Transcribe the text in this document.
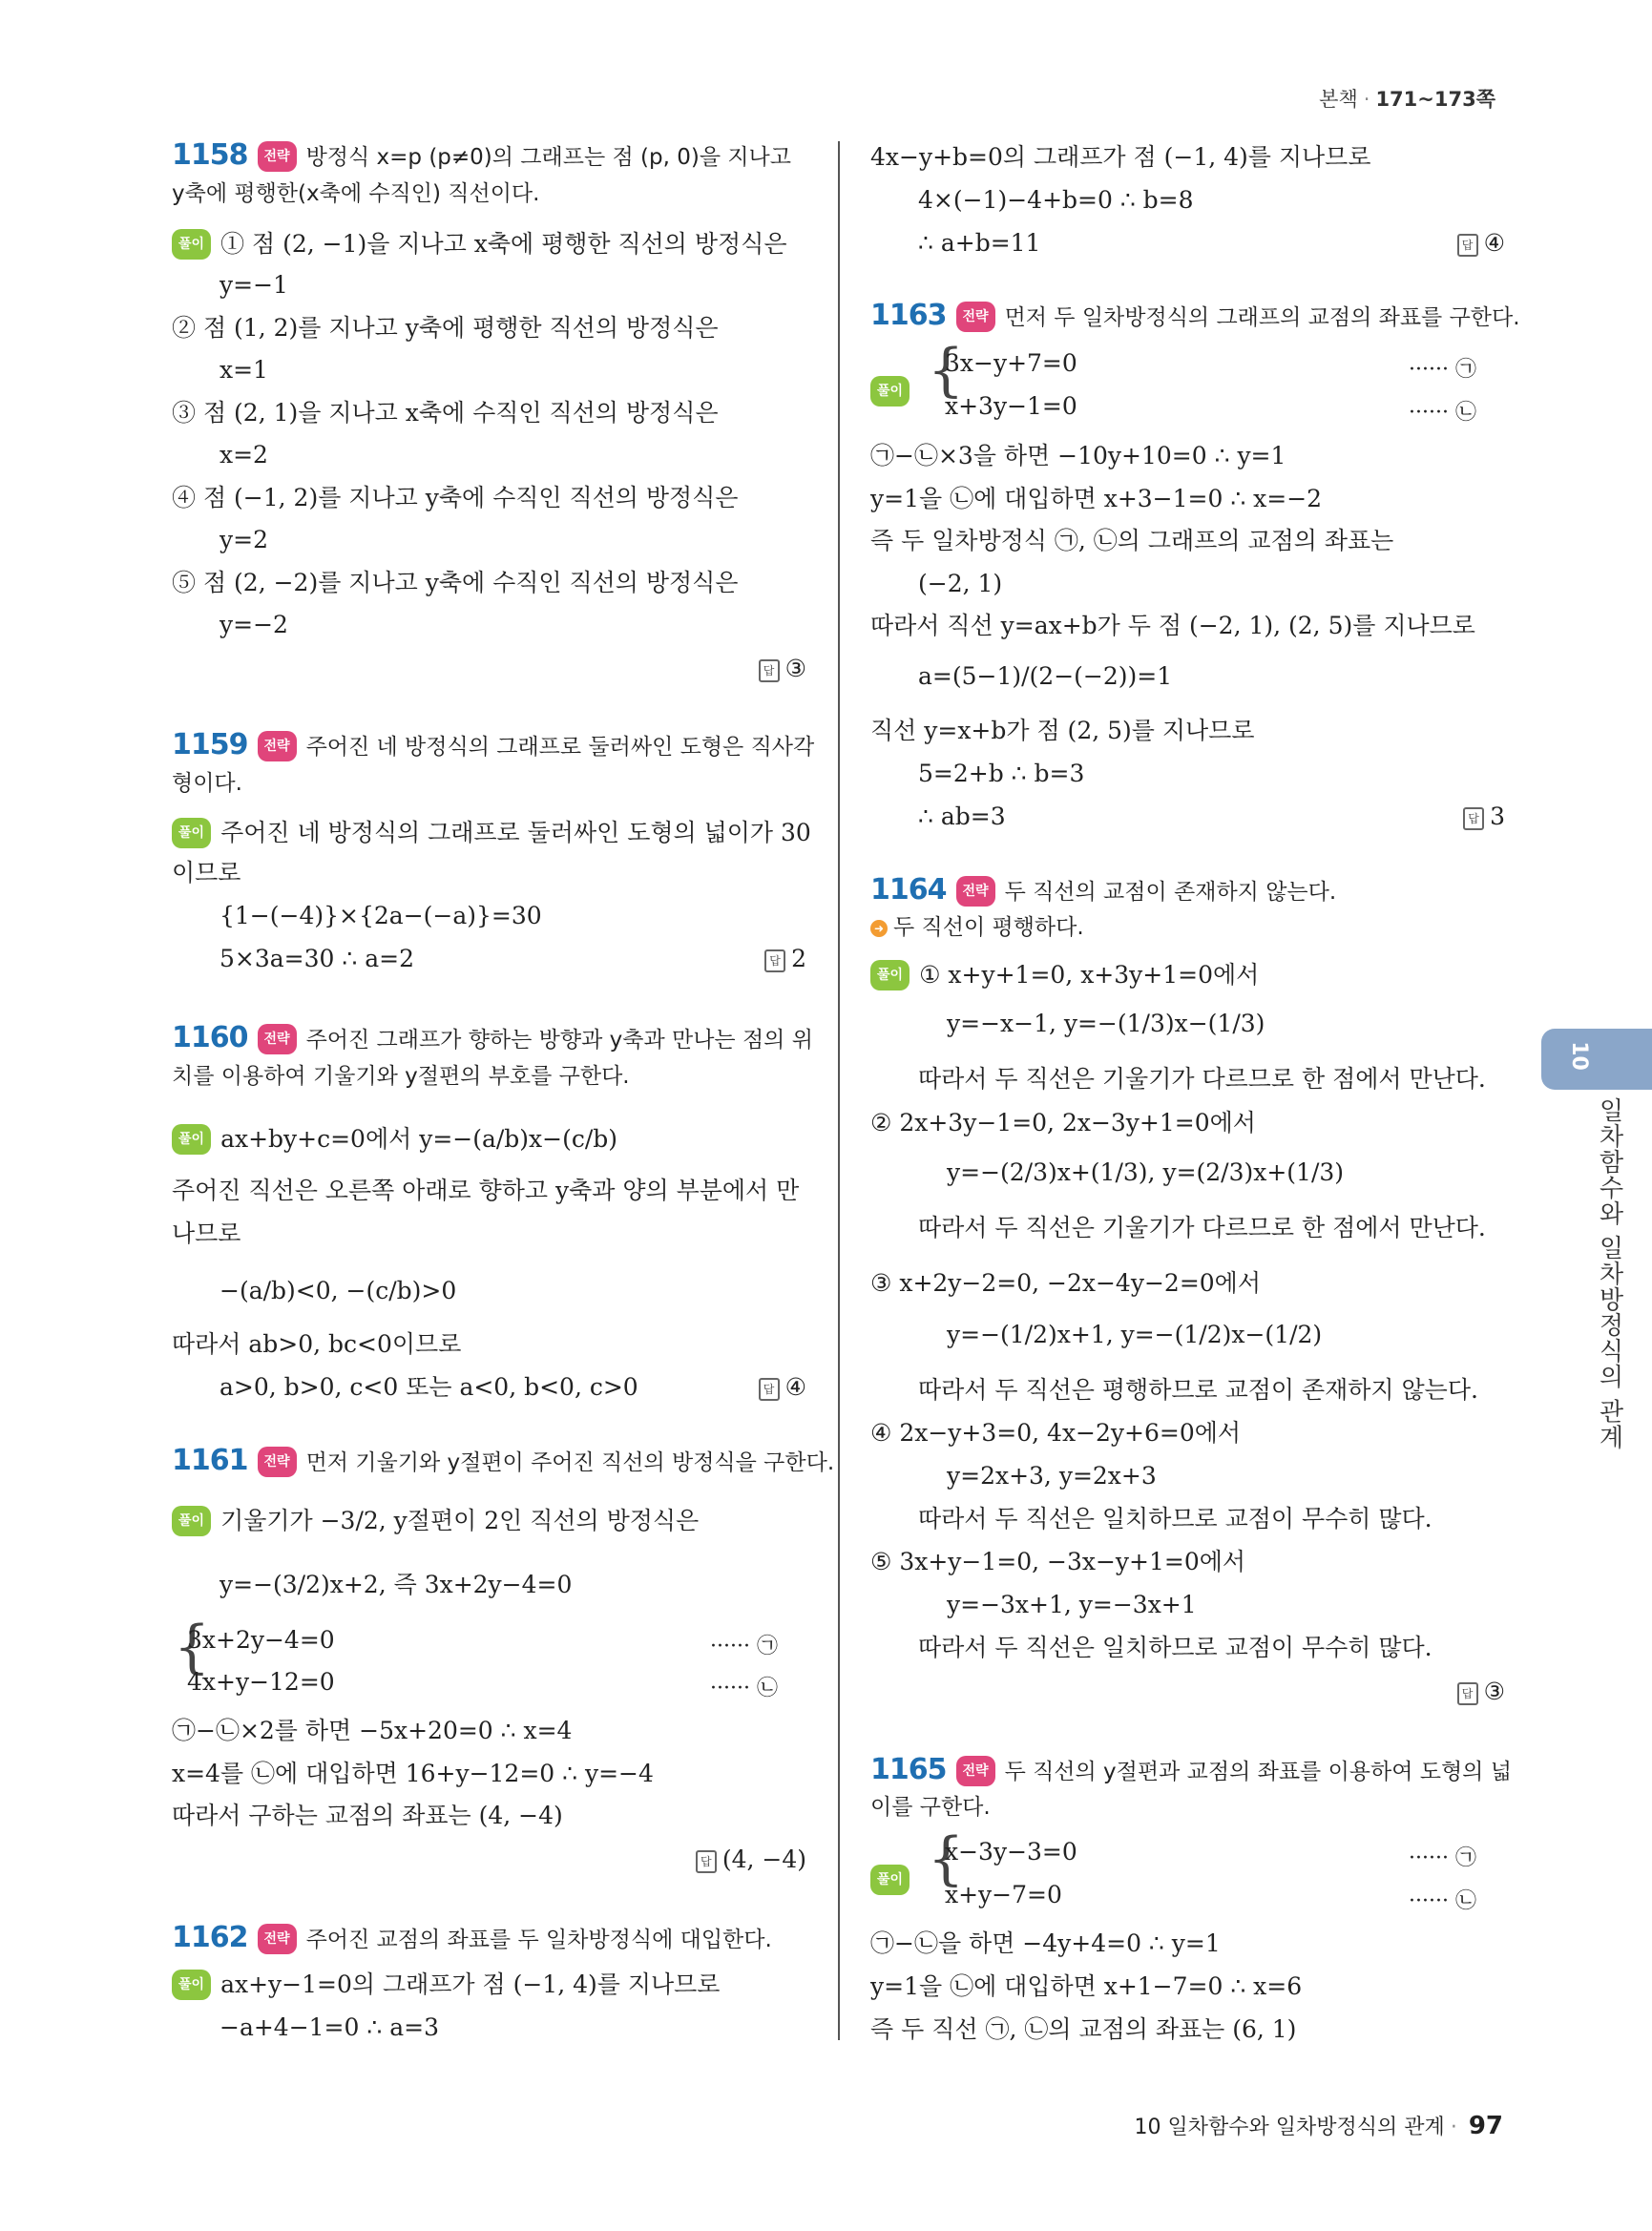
본책 · 171~173쪽
1158 전략 방정식 x=p (p≠0)의 그래프는 점 (p, 0)을 지나고
y축에 평행한(x축에 수직인) 직선이다.
풀이 ① 점 (2, −1)을 지나고 x축에 평행한 직선의 방정식은
y=−1
② 점 (1, 2)를 지나고 y축에 평행한 직선의 방정식은
x=1
③ 점 (2, 1)을 지나고 x축에 수직인 직선의 방정식은
x=2
④ 점 (−1, 2)를 지나고 y축에 수직인 직선의 방정식은
y=2
⑤ 점 (2, −2)를 지나고 y축에 수직인 직선의 방정식은
y=−2
답 ③
1159 전략 주어진 네 방정식의 그래프로 둘러싸인 도형은 직사각
형이다.
풀이 주어진 네 방정식의 그래프로 둘러싸인 도형의 넓이가 30
이므로
{1−(−4)}×{2a−(−a)}=30
5×3a=30 ∴ a=2	답 2
1160 전략 주어진 그래프가 향하는 방향과 y축과 만나는 점의 위
치를 이용하여 기울기와 y절편의 부호를 구한다.
풀이 ax+by+c=0에서 y=−(a/b)x−(c/b)
주어진 직선은 오른쪽 아래로 향하고 y축과 양의 부분에서 만
나므로
−(a/b)<0, −(c/b)>0
따라서 ab>0, bc<0이므로
a>0, b>0, c<0 또는 a<0, b<0, c>0	답 ④
1161 전략 먼저 기울기와 y절편이 주어진 직선의 방정식을 구한다.
풀이 기울기가 −3/2, y절편이 2인 직선의 방정식은
y=−(3/2)x+2, 즉 3x+2y−4=0
{
3x+2y−4=0	······ ㉠
4x+y−12=0	······ ㉡
㉠−㉡×2를 하면 −5x+20=0 ∴ x=4
x=4를 ㉡에 대입하면 16+y−12=0 ∴ y=−4
따라서 구하는 교점의 좌표는 (4, −4)
답 (4, −4)
1162 전략 주어진 교점의 좌표를 두 일차방정식에 대입한다.
풀이 ax+y−1=0의 그래프가 점 (−1, 4)를 지나므로
−a+4−1=0 ∴ a=3
4x−y+b=0의 그래프가 점 (−1, 4)를 지나므로
4×(−1)−4+b=0 ∴ b=8
∴ a+b=11	답 ④
1163 전략 먼저 두 일차방정식의 그래프의 교점의 좌표를 구한다.
풀이 {
3x−y+7=0	······ ㉠
x+3y−1=0	······ ㉡
㉠−㉡×3을 하면 −10y+10=0 ∴ y=1
y=1을 ㉡에 대입하면 x+3−1=0 ∴ x=−2
즉 두 일차방정식 ㉠, ㉡의 그래프의 교점의 좌표는
(−2, 1)
따라서 직선 y=ax+b가 두 점 (−2, 1), (2, 5)를 지나므로
a=(5−1)/(2−(−2))=1
직선 y=x+b가 점 (2, 5)를 지나므로
5=2+b ∴ b=3
∴ ab=3	답 3
1164 전략 두 직선의 교점이 존재하지 않는다.
➜ 두 직선이 평행하다.
풀이 ① x+y+1=0, x+3y+1=0에서
y=−x−1, y=−(1/3)x−(1/3)
따라서 두 직선은 기울기가 다르므로 한 점에서 만난다.
② 2x+3y−1=0, 2x−3y+1=0에서
y=−(2/3)x+(1/3), y=(2/3)x+(1/3)
따라서 두 직선은 기울기가 다르므로 한 점에서 만난다.
③ x+2y−2=0, −2x−4y−2=0에서
y=−(1/2)x+1, y=−(1/2)x−(1/2)
따라서 두 직선은 평행하므로 교점이 존재하지 않는다.
④ 2x−y+3=0, 4x−2y+6=0에서
y=2x+3, y=2x+3
따라서 두 직선은 일치하므로 교점이 무수히 많다.
⑤ 3x+y−1=0, −3x−y+1=0에서
y=−3x+1, y=−3x+1
따라서 두 직선은 일치하므로 교점이 무수히 많다.
답 ③
1165 전략 두 직선의 y절편과 교점의 좌표를 이용하여 도형의 넓
이를 구한다.
풀이 {
x−3y−3=0	······ ㉠
x+y−7=0	······ ㉡
㉠−㉡을 하면 −4y+4=0 ∴ y=1
y=1을 ㉡에 대입하면 x+1−7=0 ∴ x=6
즉 두 직선 ㉠, ㉡의 교점의 좌표는 (6, 1)
10
일차함수와 일차방정식의 관계
10 일차함수와 일차방정식의 관계 · 97
